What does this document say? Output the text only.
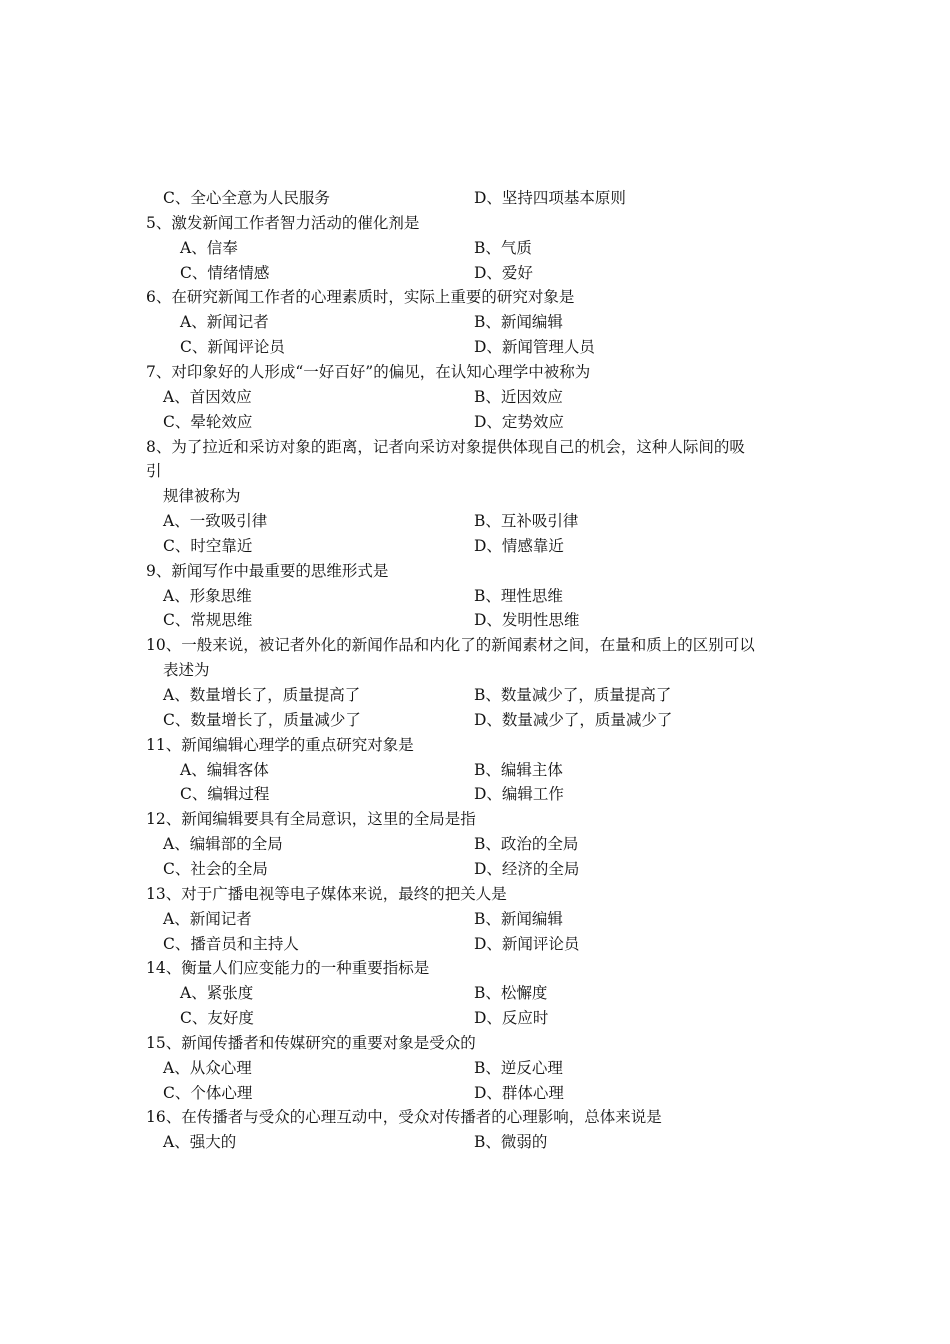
C、全心全意为人民服务	D、坚持四项基本原则
5、激发新闻工作者智力活动的催化剂是
A、信奉	B、气质
C、情绪情感	D、爱好
6、在研究新闻工作者的心理素质时，实际上重要的研究对象是
A、新闻记者	B、新闻编辑
C、新闻评论员	D、新闻管理人员
7、对印象好的人形成“一好百好”的偏见，在认知心理学中被称为
A、首因效应	B、近因效应
C、晕轮效应	D、定势效应
8、为了拉近和采访对象的距离，记者向采访对象提供体现自己的机会，这种人际间的吸
引
规律被称为
A、一致吸引律	B、互补吸引律
C、时空靠近	D、情感靠近
9、新闻写作中最重要的思维形式是
A、形象思维	B、理性思维
C、常规思维	D、发明性思维
10、一般来说，被记者外化的新闻作品和内化了的新闻素材之间，在量和质上的区别可以
表述为
A、数量增长了，质量提高了	B、数量减少了，质量提高了
C、数量增长了，质量减少了	D、数量减少了，质量减少了
11、新闻编辑心理学的重点研究对象是
A、编辑客体	B、编辑主体
C、编辑过程	D、编辑工作
12、新闻编辑要具有全局意识，这里的全局是指
A、编辑部的全局	B、政治的全局
C、社会的全局	D、经济的全局
13、对于广播电视等电子媒体来说，最终的把关人是
A、新闻记者	B、新闻编辑
C、播音员和主持人	D、新闻评论员
14、衡量人们应变能力的一种重要指标是
A、紧张度	B、松懈度
C、友好度	D、反应时
15、新闻传播者和传媒研究的重要对象是受众的
A、从众心理	B、逆反心理
C、个体心理	D、群体心理
16、在传播者与受众的心理互动中，受众对传播者的心理影响，总体来说是
A、强大的	B、微弱的
